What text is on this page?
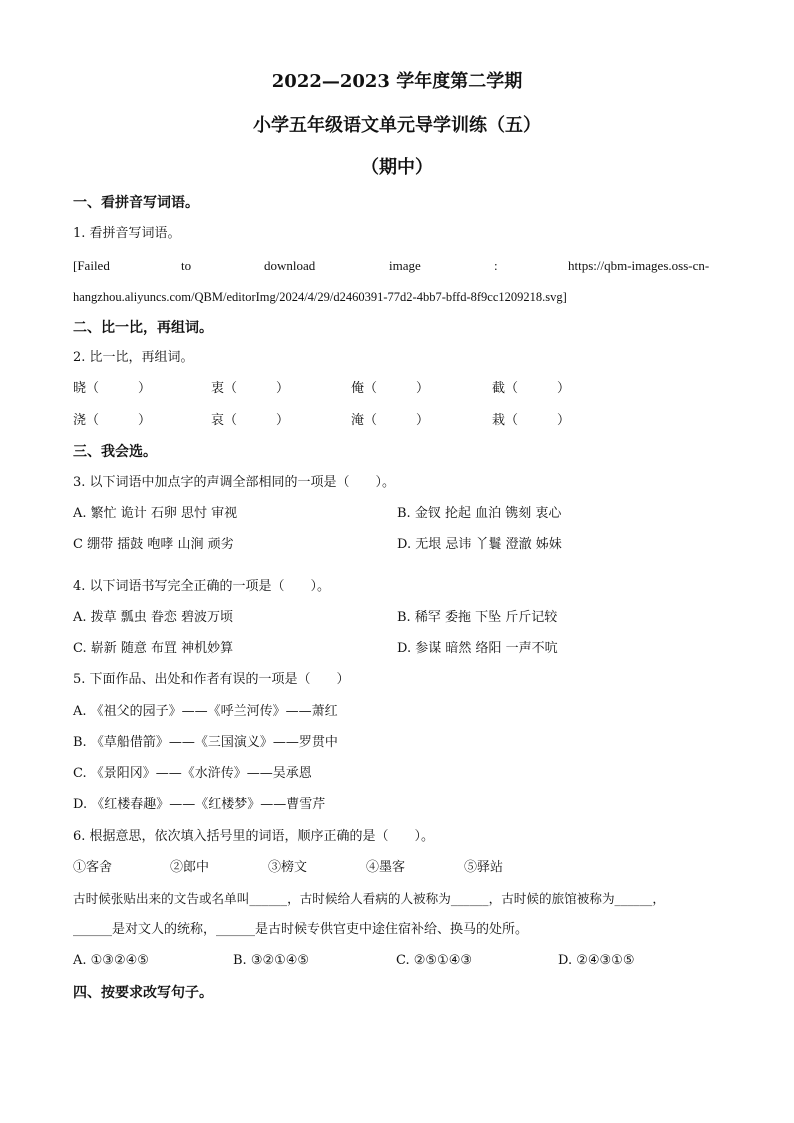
2022—2023 学年度第二学期
小学五年级语文单元导学训练（五）
（期中）
一、看拼音写词语。
1. 看拼音写词语。
[Failed	to	download	image	:	https://qbm-images.oss-cn-
hangzhou.aliyuncs.com/QBM/editorImg/2024/4/29/d2460391-77d2-4bb7-bffd-8f9cc1209218.svg]
二、比一比，再组词。
2. 比一比，再组词。
晓（　　　）	衷（　　　）	俺（　　　）	截（　　　）
浇（　　　）	哀（　　　）	淹（　　　）	栽（　　　）
三、我会选。
3. 以下词语中加点字的声调全部相同的一项是（　　）。
A. 繁忙 诡计 石卵 思忖 审视	B. 金钗 抡起 血泊 镌刻 衷心
C 绷带 擂鼓 咆哮 山涧 顽劣	D. 无垠 忌讳 丫鬟 澄澈 姊妹
4. 以下词语书写完全正确的一项是（　　）。
A. 拨草 瓢虫 眷恋 碧波万顷	B. 稀罕 委拖 下坠 斤斤记较
C. 崭新 随意 布罝 神机妙算	D. 参谋 暗然 络阳 一声不吭
5. 下面作品、出处和作者有误的一项是（　　）
A. 《祖父的园子》——《呼兰河传》——萧红
B. 《草船借箭》——《三国演义》——罗贯中
C. 《景阳冈》——《水浒传》——吴承恩
D. 《红楼春趣》——《红楼梦》——曹雪芹
6. 根据意思，依次填入括号里的词语，顺序正确的是（　　）。
①客舍	②郎中	③榜文	④墨客	⑤驿站
古时候张贴出来的文告或名单叫______，古时候给人看病的人被称为______，古时候的旅馆被称为______，
______是对文人的统称，______是古时候专供官吏中途住宿补给、换马的处所。
A. ①③②④⑤	B. ③②①④⑤	C. ②⑤①④③	D. ②④③①⑤
四、按要求改写句子。
